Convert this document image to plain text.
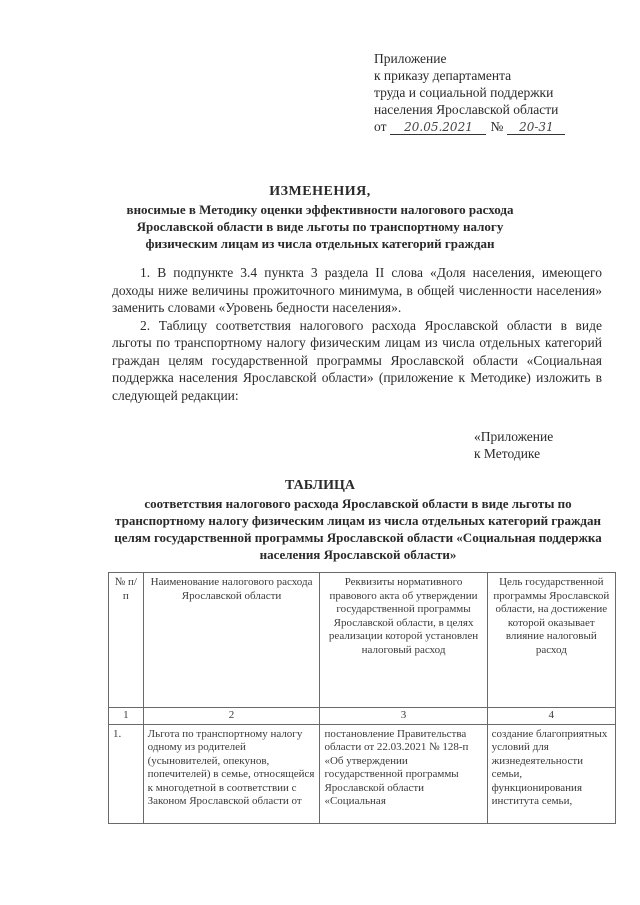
Приложение
к приказу департамента
труда и социальной поддержки
населения Ярославской области
от	20.05.2021	№	20-31
ИЗМЕНЕНИЯ,
вносимые в Методику оценки эффективности налогового расхода Ярославской области в виде льготы по транспортному налогу физическим лицам из числа отдельных категорий граждан

1. В подпункте 3.4 пункта 3 раздела II слова «Доля населения, имеющего доходы ниже величины прожиточного минимума, в общей численности населения» заменить словами «Уровень бедности населения».

2. Таблицу соответствия налогового расхода Ярославской области в виде льготы по транспортному налогу физическим лицам из числа отдельных категорий граждан целям государственной программы Ярославской области «Социальная поддержка населения Ярославской области» (приложение к Методике) изложить в следующей редакции:

«Приложение
к Методике
ТАБЛИЦА
соответствия налогового расхода Ярославской области в виде льготы по транспортному налогу физическим лицам из числа отдельных категорий граждан целям государственной программы Ярославской области «Социальная поддержка населения Ярославской области»
№ п/п	Наименование налогового расхода Ярославской области	Реквизиты нормативного правового акта об утверждении государственной программы Ярославской области, в целях реализации которой установлен налоговый расход	Цель государственной программы Ярославской области, на достижение которой оказывает влияние налоговый расход
1	2	3	4
1.	Льгота по транспортному налогу одному из родителей (усыновителей, опекунов, попечителей) в семье, относящейся к многодетной в соответствии с Законом Ярославской области от	постановление Правительства области от 22.03.2021 № 128-п «Об утверждении государственной программы Ярославской области «Социальная	создание благоприятных условий для жизнедеятельности семьи, функционирования института семьи,
